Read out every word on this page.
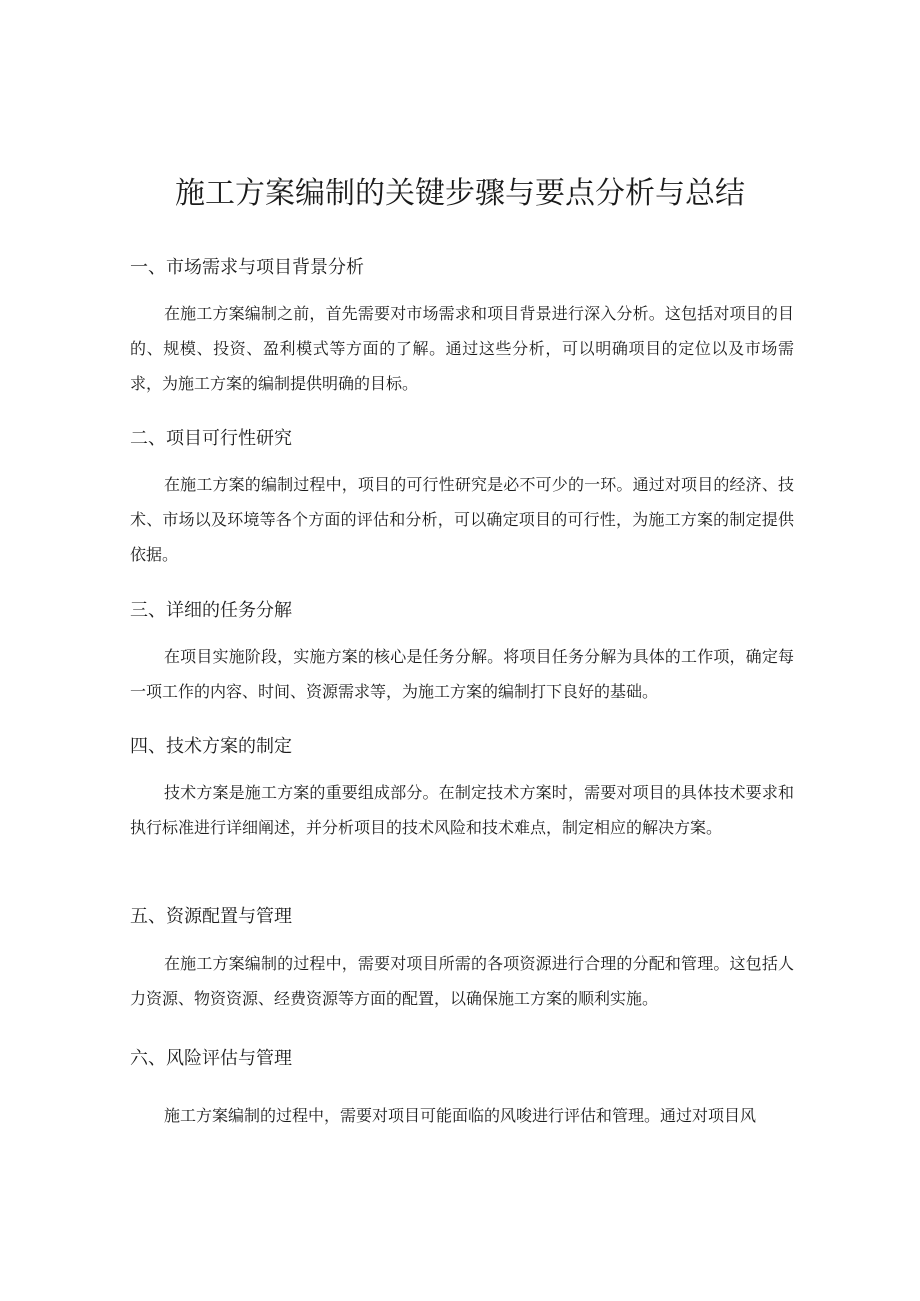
施工方案编制的关键步骤与要点分析与总结
一、市场需求与项目背景分析

在施工方案编制之前，首先需要对市场需求和项目背景进行深入分析。这包括对项目的目的、规模、投资、盈利模式等方面的了解。通过这些分析，可以明确项目的定位以及市场需求，为施工方案的编制提供明确的目标。

二、项目可行性研究

在施工方案的编制过程中，项目的可行性研究是必不可少的一环。通过对项目的经济、技术、市场以及环境等各个方面的评估和分析，可以确定项目的可行性，为施工方案的制定提供依据。

三、详细的任务分解

在项目实施阶段，实施方案的核心是任务分解。将项目任务分解为具体的工作项，确定每一项工作的内容、时间、资源需求等，为施工方案的编制打下良好的基础。

四、技术方案的制定

技术方案是施工方案的重要组成部分。在制定技术方案时，需要对项目的具体技术要求和执行标准进行详细阐述，并分析项目的技术风险和技术难点，制定相应的解决方案。

五、资源配置与管理

在施工方案编制的过程中，需要对项目所需的各项资源进行合理的分配和管理。这包括人力资源、物资资源、经费资源等方面的配置，以确保施工方案的顺利实施。

六、风险评估与管理

施工方案编制的过程中，需要对项目可能面临的风唆进行评估和管理。通过对项目风
